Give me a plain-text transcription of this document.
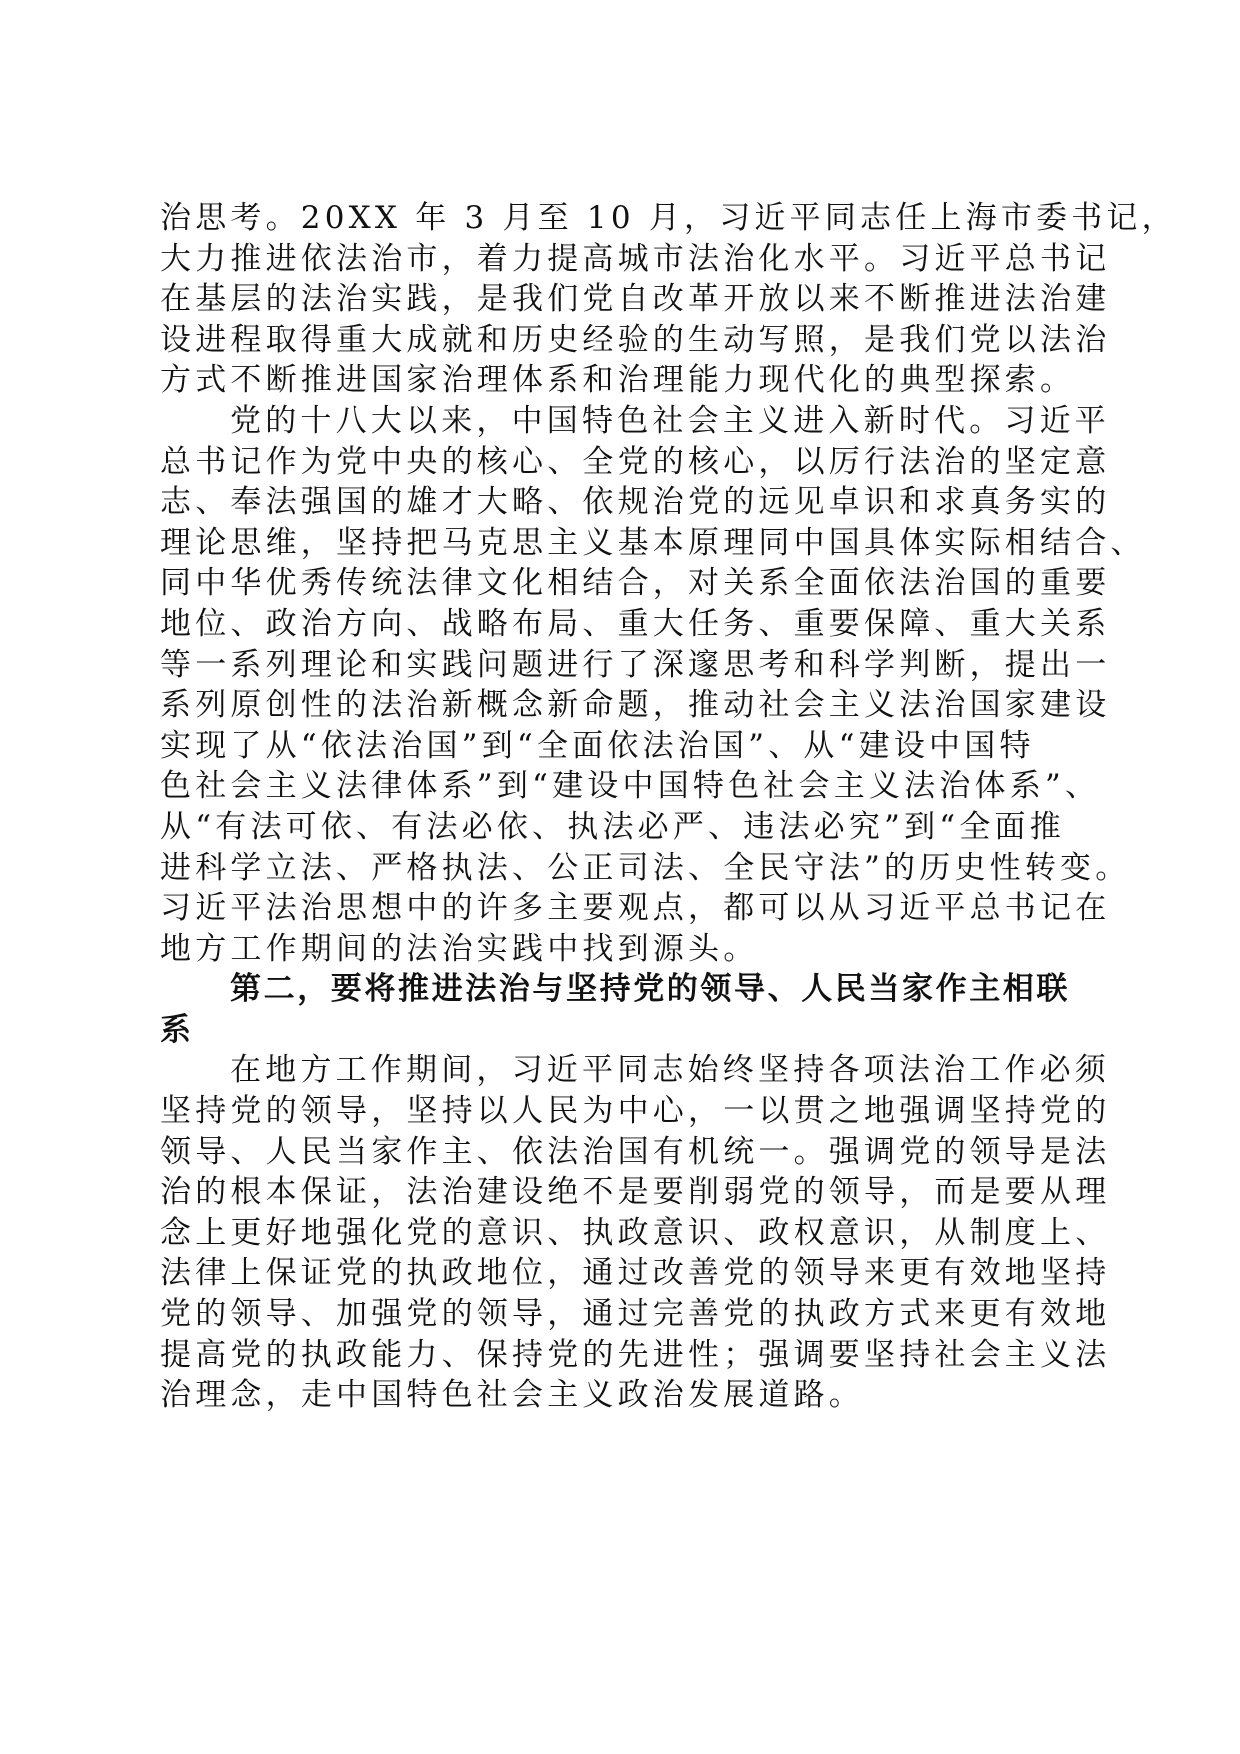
治思考。20XX 年 3 月至 10 月，习近平同志任上海市委书记，
大力推进依法治市，着力提高城市法治化水平。习近平总书记
在基层的法治实践，是我们党自改革开放以来不断推进法治建
设进程取得重大成就和历史经验的生动写照，是我们党以法治
方式不断推进国家治理体系和治理能力现代化的典型探索。
党的十八大以来，中国特色社会主义进入新时代。习近平
总书记作为党中央的核心、全党的核心，以厉行法治的坚定意
志、奉法强国的雄才大略、依规治党的远见卓识和求真务实的
理论思维，坚持把马克思主义基本原理同中国具体实际相结合、
同中华优秀传统法律文化相结合，对关系全面依法治国的重要
地位、政治方向、战略布局、重大任务、重要保障、重大关系
等一系列理论和实践问题进行了深邃思考和科学判断，提出一
系列原创性的法治新概念新命题，推动社会主义法治国家建设
实现了从“依法治国”到“全面依法治国”、从“建设中国特
色社会主义法律体系”到“建设中国特色社会主义法治体系”、
从“有法可依、有法必依、执法必严、违法必究”到“全面推
进科学立法、严格执法、公正司法、全民守法”的历史性转变。
习近平法治思想中的许多主要观点，都可以从习近平总书记在
地方工作期间的法治实践中找到源头。
第二，要将推进法治与坚持党的领导、人民当家作主相联
系
在地方工作期间，习近平同志始终坚持各项法治工作必须
坚持党的领导，坚持以人民为中心，一以贯之地强调坚持党的
领导、人民当家作主、依法治国有机统一。强调党的领导是法
治的根本保证，法治建设绝不是要削弱党的领导，而是要从理
念上更好地强化党的意识、执政意识、政权意识，从制度上、
法律上保证党的执政地位，通过改善党的领导来更有效地坚持
党的领导、加强党的领导，通过完善党的执政方式来更有效地
提高党的执政能力、保持党的先进性；强调要坚持社会主义法
治理念，走中国特色社会主义政治发展道路。
